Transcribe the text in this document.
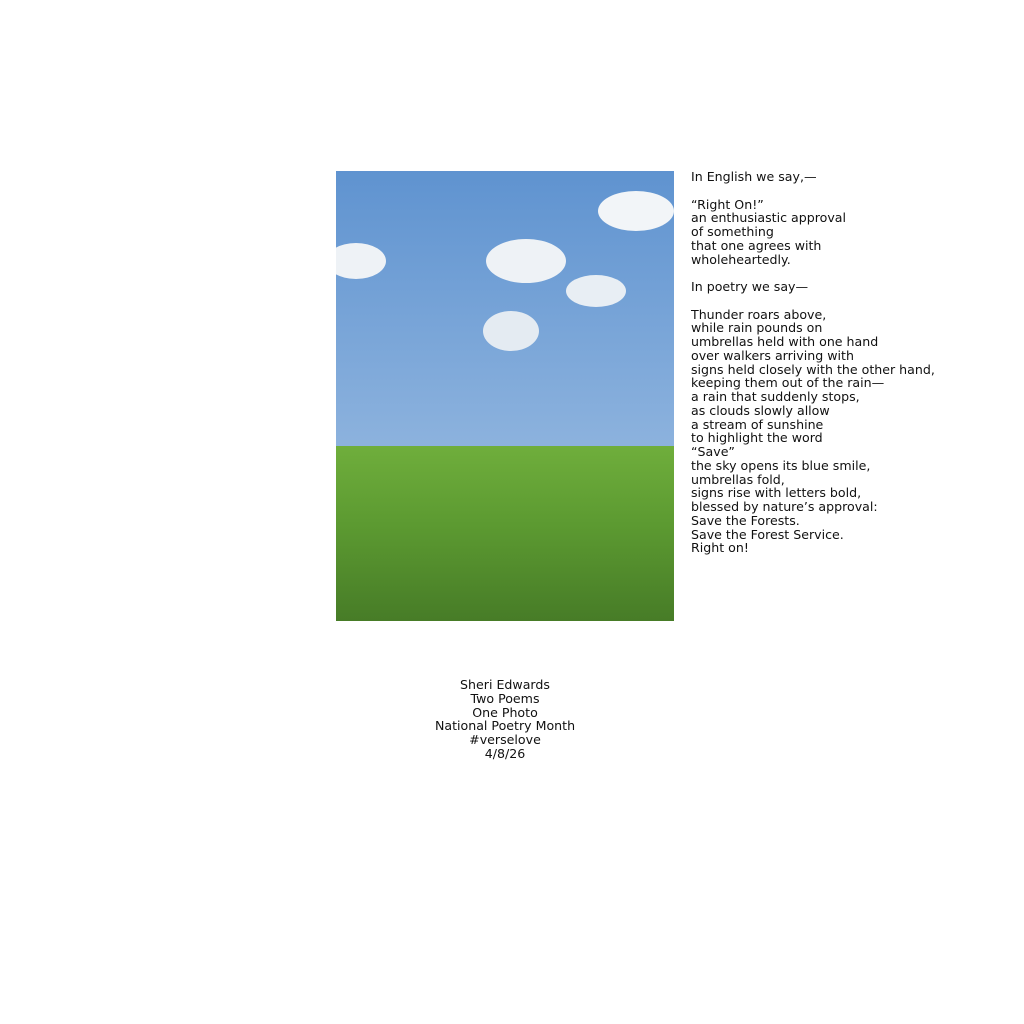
In English we say,—
“Right On!”
an enthusiastic approval
of something
that one agrees with
wholeheartedly.
In poetry we say—
Thunder roars above,
while rain pounds on
umbrellas held with one hand
over walkers arriving with
signs held closely with the other hand,
keeping them out of the rain—
a rain that suddenly stops,
as clouds slowly allow
a stream of sunshine
to highlight the word
“Save”
the sky opens its blue smile,
umbrellas fold,
signs rise with letters bold,
blessed by nature’s approval:
Save the Forests.
Save the Forest Service.
Right on!
Sheri Edwards
Two Poems
One Photo
National Poetry Month
#verselove
4/8/26
